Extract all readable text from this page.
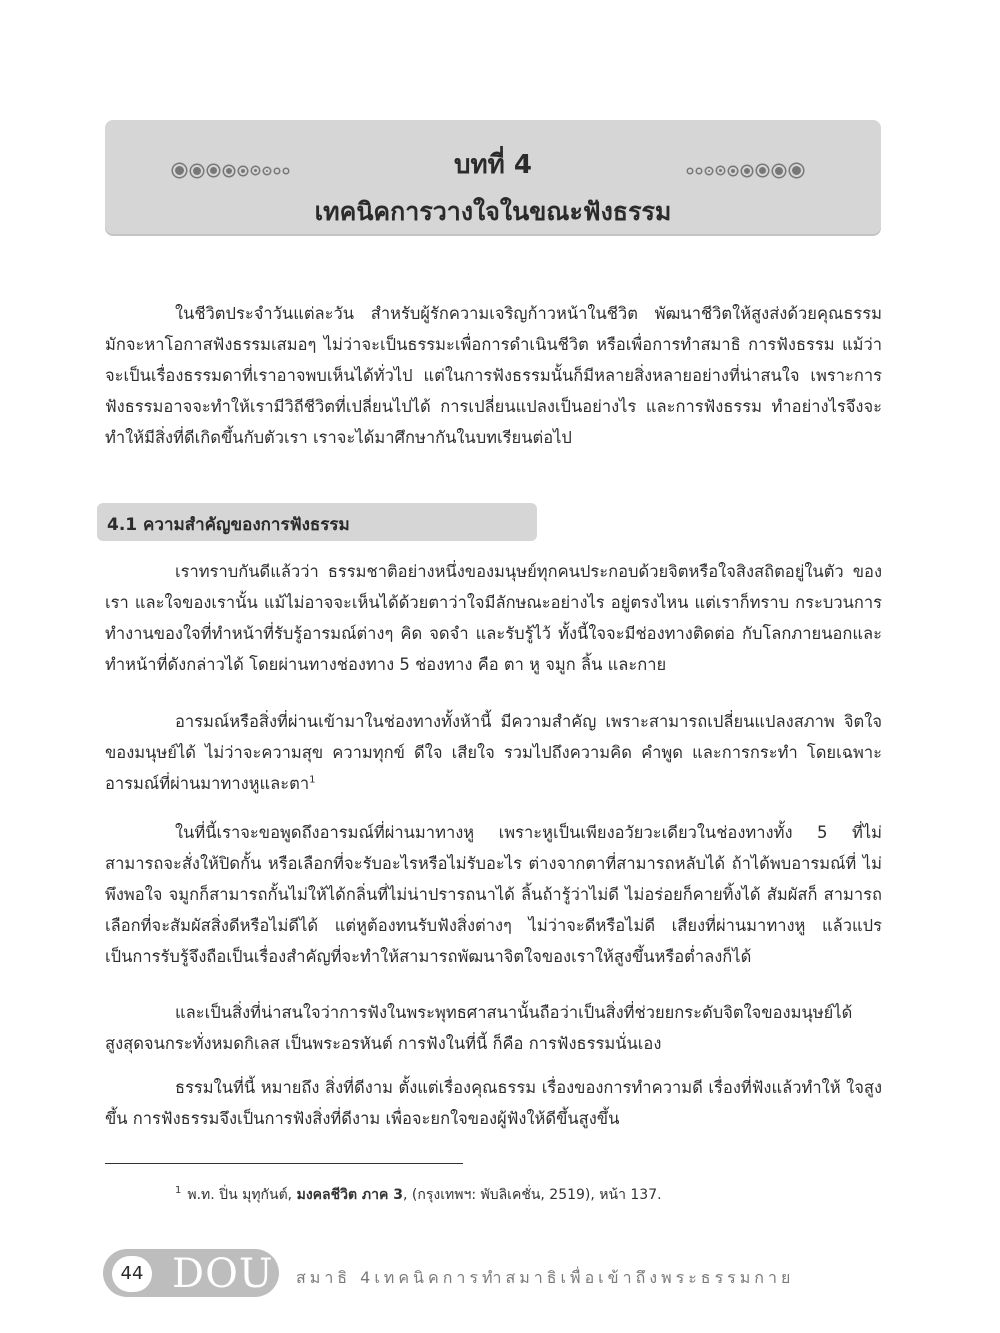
บทที่ 4
เทคนิคการวางใจในขณะฟังธรรม

ในชีวิตประจำวันแต่ละวัน สำหรับผู้รักความเจริญก้าวหน้าในชีวิต พัฒนาชีวิตให้สูงส่งด้วยคุณธรรม มักจะหาโอกาสฟังธรรมเสมอๆ ไม่ว่าจะเป็นธรรมะเพื่อการดำเนินชีวิต หรือเพื่อการทำสมาธิ การฟังธรรม แม้ว่าจะเป็นเรื่องธรรมดาที่เราอาจพบเห็นได้ทั่วไป แต่ในการฟังธรรมนั้นก็มีหลายสิ่งหลายอย่างที่น่าสนใจ เพราะการฟังธรรมอาจจะทำให้เรามีวิถีชีวิตที่เปลี่ยนไปได้ การเปลี่ยนแปลงเป็นอย่างไร และการฟังธรรม ทำอย่างไรจึงจะทำให้มีสิ่งที่ดีเกิดขึ้นกับตัวเรา เราจะได้มาศึกษากันในบทเรียนต่อไป

4.1 ความสำคัญของการฟังธรรม

เราทราบกันดีแล้วว่า ธรรมชาติอย่างหนึ่งของมนุษย์ทุกคนประกอบด้วยจิตหรือใจสิงสถิตอยู่ในตัว ของเรา และใจของเรานั้น แม้ไม่อาจจะเห็นได้ด้วยตาว่าใจมีลักษณะอย่างไร อยู่ตรงไหน แต่เราก็ทราบ กระบวนการทำงานของใจที่ทำหน้าที่รับรู้อารมณ์ต่างๆ คิด จดจำ และรับรู้ไว้ ทั้งนี้ใจจะมีช่องทางติดต่อ กับโลกภายนอกและทำหน้าที่ดังกล่าวได้ โดยผ่านทางช่องทาง 5 ช่องทาง คือ ตา หู จมูก ลิ้น และกาย

อารมณ์หรือสิ่งที่ผ่านเข้ามาในช่องทางทั้งห้านี้ มีความสำคัญ เพราะสามารถเปลี่ยนแปลงสภาพ จิตใจของมนุษย์ได้ ไม่ว่าจะความสุข ความทุกข์ ดีใจ เสียใจ รวมไปถึงความคิด คำพูด และการกระทำ โดยเฉพาะอารมณ์ที่ผ่านมาทางหูและตา$^1$

ในที่นี้เราจะขอพูดถึงอารมณ์ที่ผ่านมาทางหู เพราะหูเป็นเพียงอวัยวะเดียวในช่องทางทั้ง 5 ที่ไม่ สามารถจะสั่งให้ปิดกั้น หรือเลือกที่จะรับอะไรหรือไม่รับอะไร ต่างจากตาที่สามารถหลับได้ ถ้าได้พบอารมณ์ที่ ไม่พึงพอใจ จมูกก็สามารถกั้นไม่ให้ได้กลิ่นที่ไม่น่าปรารถนาได้ ลิ้นถ้ารู้ว่าไม่ดี ไม่อร่อยก็คายทิ้งได้ สัมผัสก็ สามารถเลือกที่จะสัมผัสสิ่งดีหรือไม่ดีได้ แต่หูต้องทนรับฟังสิ่งต่างๆ ไม่ว่าจะดีหรือไม่ดี เสียงที่ผ่านมาทางหู แล้วแปรเป็นการรับรู้จึงถือเป็นเรื่องสำคัญที่จะทำให้สามารถพัฒนาจิตใจของเราให้สูงขึ้นหรือต่ำลงก็ได้

และเป็นสิ่งที่น่าสนใจว่าการฟังในพระพุทธศาสนานั้นถือว่าเป็นสิ่งที่ช่วยยกระดับจิตใจของมนุษย์ได้ สูงสุดจนกระทั่งหมดกิเลส เป็นพระอรหันต์ การฟังในที่นี้ ก็คือ การฟังธรรมนั่นเอง

ธรรมในที่นี้ หมายถึง สิ่งที่ดีงาม ตั้งแต่เรื่องคุณธรรม เรื่องของการทำความดี เรื่องที่ฟังแล้วทำให้ ใจสูงขึ้น การฟังธรรมจึงเป็นการฟังสิ่งที่ดีงาม เพื่อจะยกใจของผู้ฟังให้ดีขึ้นสูงขึ้น

$^1$ พ.ท. ปิ่น มุทุกันต์, มงคลชีวิต ภาค 3, (กรุงเทพฯ: พับลิเคชั่น, 2519), หน้า 137.
44 DOU สมาธิ 4เทคนิคการทำสมาธิเพื่อเข้าถึงพระธรรมกาย
